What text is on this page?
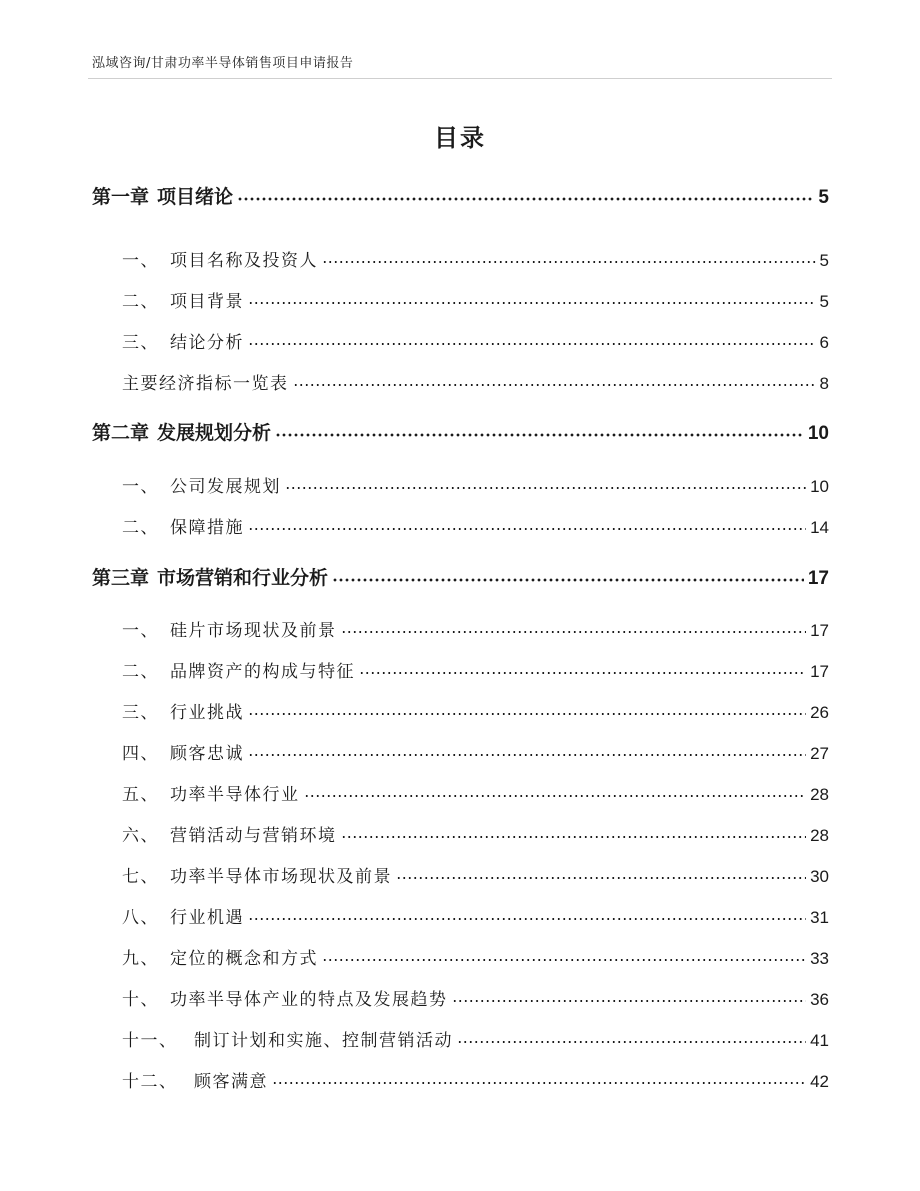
泓域咨询/甘肃功率半导体销售项目申请报告
目录
第一章 项目绪论	5
一、 项目名称及投资人	5
二、 项目背景	5
三、 结论分析	6
主要经济指标一览表	8
第二章 发展规划分析	10
一、 公司发展规划	10
二、 保障措施	14
第三章 市场营销和行业分析	17
一、 硅片市场现状及前景	17
二、 品牌资产的构成与特征	17
三、 行业挑战	26
四、 顾客忠诚	27
五、 功率半导体行业	28
六、 营销活动与营销环境	28
七、 功率半导体市场现状及前景	30
八、 行业机遇	31
九、 定位的概念和方式	33
十、 功率半导体产业的特点及发展趋势	36
十一、 制订计划和实施、控制营销活动	41
十二、 顾客满意	42
